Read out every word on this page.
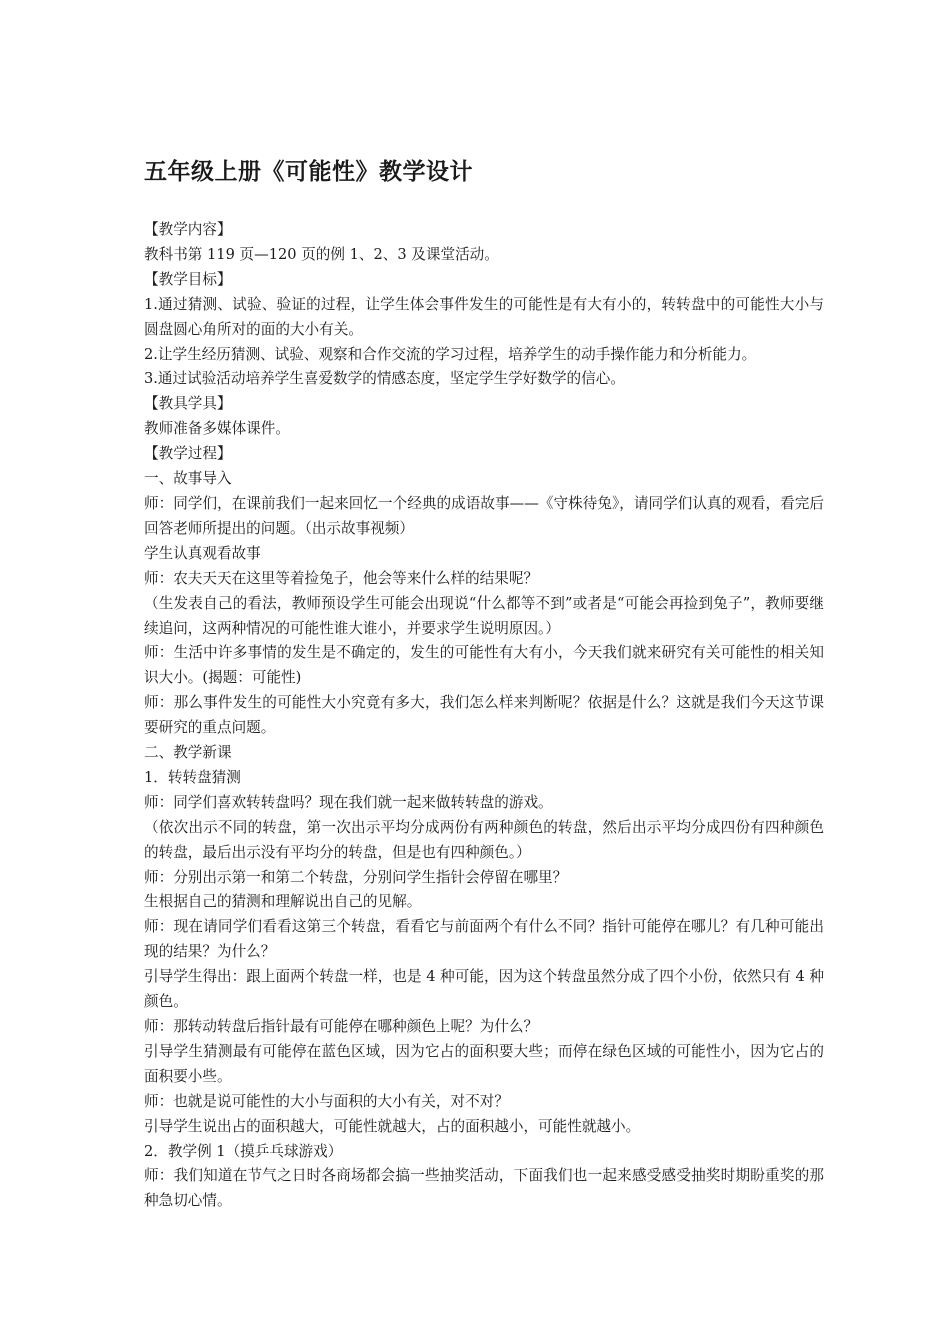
五年级上册《可能性》教学设计

【教学内容】

教科书第 119 页—120 页的例 1、2、3 及课堂活动。

【教学目标】

1.通过猜测、试验、验证的过程，让学生体会事件发生的可能性是有大有小的，转转盘中的可能性大小与圆盘圆心角所对的面的大小有关。

2.让学生经历猜测、试验、观察和合作交流的学习过程，培养学生的动手操作能力和分析能力。

3.通过试验活动培养学生喜爱数学的情感态度，坚定学生学好数学的信心。

【教具学具】

教师准备多媒体课件。

【教学过程】

一、故事导入

师：同学们，在课前我们一起来回忆一个经典的成语故事——《守株待兔》，请同学们认真的观看，看完后回答老师所提出的问题。（出示故事视频）

学生认真观看故事

师：农夫天天在这里等着捡兔子，他会等来什么样的结果呢？

（生发表自己的看法，教师预设学生可能会出现说“什么都等不到”或者是“可能会再捡到兔子”，教师要继续追问，这两种情况的可能性谁大谁小，并要求学生说明原因。）

师：生活中许多事情的发生是不确定的，发生的可能性有大有小，今天我们就来研究有关可能性的相关知识大小。(揭题：可能性)

师：那么事件发生的可能性大小究竟有多大，我们怎么样来判断呢？依据是什么？这就是我们今天这节课要研究的重点问题。

二、教学新课

1．转转盘猜测

师：同学们喜欢转转盘吗？现在我们就一起来做转转盘的游戏。

（依次出示不同的转盘，第一次出示平均分成两份有两种颜色的转盘，然后出示平均分成四份有四种颜色的转盘，最后出示没有平均分的转盘，但是也有四种颜色。）

师：分别出示第一和第二个转盘，分别问学生指针会停留在哪里？

生根据自己的猜测和理解说出自己的见解。

师：现在请同学们看看这第三个转盘，看看它与前面两个有什么不同？指针可能停在哪儿？有几种可能出现的结果？为什么？

引导学生得出：跟上面两个转盘一样，也是 4 种可能，因为这个转盘虽然分成了四个小份，依然只有 4 种颜色。

师：那转动转盘后指针最有可能停在哪种颜色上呢？为什么？

引导学生猜测最有可能停在蓝色区域，因为它占的面积要大些；而停在绿色区域的可能性小，因为它占的面积要小些。

师：也就是说可能性的大小与面积的大小有关，对不对？

引导学生说出占的面积越大，可能性就越大，占的面积越小，可能性就越小。

2．教学例 1（摸乒乓球游戏）

师：我们知道在节气之日时各商场都会搞一些抽奖活动，下面我们也一起来感受感受抽奖时期盼重奖的那种急切心情。
